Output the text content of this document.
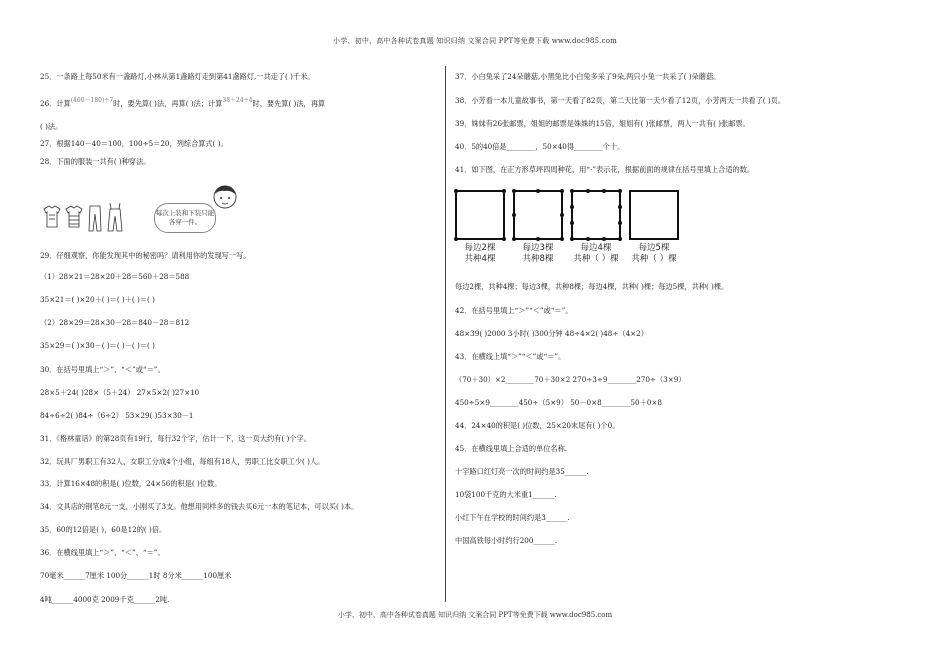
小学、初中、高中各种试卷真题 知识归纳 文案合同 PPT等免费下载 www.doc985.com

25．一条路上每50米有一盏路灯,小林从第1盏路灯走到第41盏路灯,一共走了( )千米。

26．计算(460－180)÷7时，要先算( )法，再算( )法；计算38＋24÷4时，要先算( )法，再算

( )法。

27．根据140－40＝100，100÷5＝20，列综合算式( )。

28．下面的服装一共有( )种穿法。

每次上装和下装只能各穿一件。

29．仔细观察，你能发现其中的秘密吗？请利用你的发现写一写。

（1）28×21＝28×20＋28＝560＋28＝588

35×21＝( )×20＋( )＝( )＋( )＝( )

（2）28×29＝28×30－28＝840－28＝812

35×29＝( )×30－( )＝( )－( )＝( )

30．在括号里填上“＞”、“＜”或“＝”。

28×5＋24( )28×（5＋24） 27×5×2( )27×10

84÷6÷2( )84÷（6÷2） 53×29( )53×30－1

31．《格林童话》的第28页有19行，每行32个字，估计一下，这一页大约有( )个字。

32．玩具厂男职工有32人，女职工分成4个小组，每组有18人，男职工比女职工少( )人。

33．计算16×48的积是( )位数，24×56的积是( )位数。

34．文具店的钢笔8元一支，小刚买了3支。他想用同样多的钱去买6元一本的笔记本，可以买( )本。

35．60的12倍是( )，60是12的( )倍。

36．在横线里填上“＞”、“＜”、“＝”。

70毫米______7厘米 100分______1时 8分米______100厘米

4吨______4000克 2009千克______2吨.

37．小白兔采了24朵蘑菇,小黑兔比小白兔多采了9朵,两只小兔一共采了( )朵蘑菇。

38．小芳看一本儿童故事书，第一天看了82页，第二天比第一天少看了12页，小芳两天一共看了( )页。

39．姝妹有26张邮票，姐姐的邮票是姝姝的15倍，姐姐有( )张邮票，两人一共有( )张邮票。

40．5的40倍是________，50×40得________个十。

41．如下图，在正方形草坪四周种花，用“·”表示花，根据前面的规律在括号里填上合适的数。

每边2棵
共种4棵
每边3棵
共种8棵
每边4棵
共种（ ）棵
每边5棵
共种（ ）棵

每边2棵，共种4棵；每边3棵，共种8棵；每边4棵，共种( )棵；每边5棵，共种( )棵。

42．在括号里填上“＞”“＜”或“＝”。

48×39( )2000 3小时( )300分钟 48÷4×2( )48÷（4×2）

43．在横线上填“＞”“＜”或“＝”。

（70＋30）×2________70＋30×2 270÷3÷9________270÷（3×9）

450÷5×9________450÷（5×9） 50－0×8________50＋0×8

44．24×40的积是( )位数，25×20末尾有( )个0。

45．在横线里填上合适的单位名称.

十字路口红灯亮一次的时间约是35______.

10袋100千克的大米重1______.

小红下午在学校的时间约是3______.

中国高铁每小时约行200______.

小学、初中、高中各种试卷真题 知识归纳 文案合同 PPT等免费下载 www.doc985.com
